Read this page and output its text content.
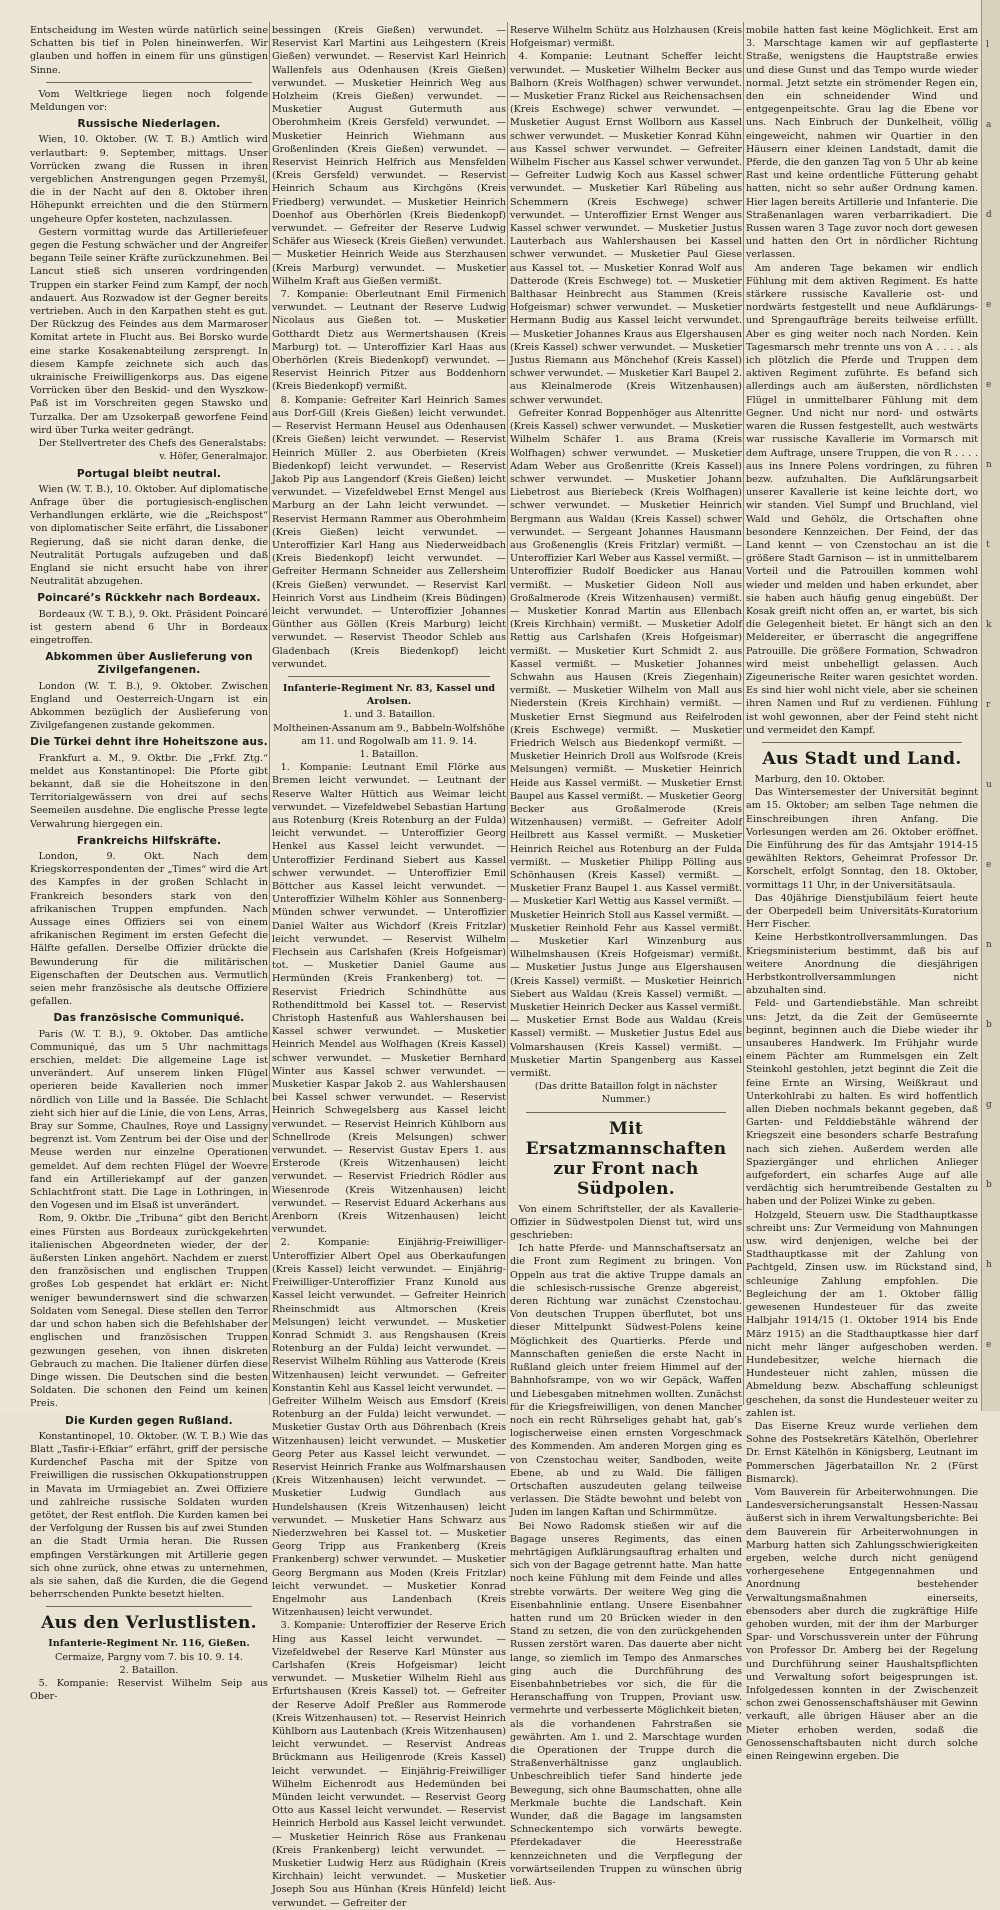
Entscheidung im Westen würde natürlich seine Schatten bis tief in Polen hineinwerfen. Wir glauben und hoffen in einem für uns günstigen Sinne.

Vom Weltkriege liegen noch folgende Meldungen vor:

Russische Niederlagen.

Wien, 10. Oktober. (W. T. B.) Amtlich wird verlautbart: 9. September, mittags. Unser Vorrücken zwang die Russen in ihren vergeblichen Anstrengungen gegen Przemyšl, die in der Nacht auf den 8. Oktober ihren Höhepunkt erreichten und die den Stürmern ungeheure Opfer kosteten, nachzulassen.

Gestern vormittag wurde das Artilleriefeuer gegen die Festung schwächer und der Angreifer begann Teile seiner Kräfte zurückzunehmen. Bei Lancut stieß sich unseren vordringenden Truppen ein starker Feind zum Kampf, der noch andauert. Aus Rozwadow ist der Gegner bereits vertrieben. Auch in den Karpathen steht es gut. Der Rückzug des Feindes aus dem Marmaroser Komitat artete in Flucht aus. Bei Borsko wurde eine starke Kosakenabteilung zersprengt. In diesem Kampfe zeichnete sich auch das ukrainische Freiwilligenkorps aus. Das eigene Vorrücken über den Beskid- und den Wyszkow-Paß ist im Vorschreiten gegen Stawsko und Turzalka. Der am Uzsokerpaß geworfene Feind wird über Turka weiter gedrängt.

Der Stellvertreter des Chefs des Generalstabs:

v. Höfer, Generalmajor.

Portugal bleibt neutral.

Wien (W. T. B.), 10. Oktober. Auf diplomatische Anfrage über die portugiesisch-englischen Verhandlungen erklärte, wie die „Reichspost“ von diplomatischer Seite erfährt, die Lissaboner Regierung, daß sie nicht daran denke, die Neutralität Portugals aufzugeben und daß England sie nicht ersucht habe von ihrer Neutralität abzugehen.

Poincaré’s Rückkehr nach Bordeaux.

Bordeaux (W. T. B.), 9. Okt. Präsident Poincaré ist gestern abend 6 Uhr in Bordeaux eingetroffen.

Abkommen über Auslieferung von Zivilgefangenen.

London (W. T. B.), 9. Oktober. Zwischen England und Oesterreich-Ungarn ist ein Abkommen bezüglich der Auslieferung von Zivilgefangenen zustande gekommen.

Die Türkei dehnt ihre Hoheitszone aus.

Frankfurt a. M., 9. Oktbr. Die „Frkf. Ztg.“ meldet aus Konstantinopel: Die Pforte gibt bekannt, daß sie die Hoheitszone in den Territorialgewässern von drei auf sechs Seemeilen ausdehne. Die englische Presse legte Verwahrung hiergegen ein.

Frankreichs Hilfskräfte.

London, 9. Okt. Nach dem Kriegskorrespondenten der „Times“ wird die Art des Kampfes in der großen Schlacht in Frankreich besonders stark von den afrikanischen Truppen empfunden. Nach Aussage eines Offiziers sei von einem afrikanischen Regiment im ersten Gefecht die Hälfte gefallen. Derselbe Offizier drückte die Bewunderung für die militärischen Eigenschaften der Deutschen aus. Vermutlich seien mehr französische als deutsche Offiziere gefallen.

Das französische Communiqué.

Paris (W. T. B.), 9. Oktober. Das amtliche Communiqué, das um 5 Uhr nachmittags erschien, meldet: Die allgemeine Lage ist unverändert. Auf unserem linken Flügel operieren beide Kavallerien noch immer nördlich von Lille und la Bassée. Die Schlacht zieht sich hier auf die Linie, die von Lens, Arras, Bray sur Somme, Chaulnes, Roye und Lassigny begrenzt ist. Vom Zentrum bei der Oise und der Meuse werden nur einzelne Operationen gemeldet. Auf dem rechten Flügel der Woevre fand ein Artilleriekampf auf der ganzen Schlachtfront statt. Die Lage in Lothringen, in den Vogesen und im Elsaß ist unverändert.

Rom, 9. Oktbr. Die „Tribuna“ gibt den Bericht eines Fürsten aus Bordeaux zurückgekehrten italienischen Abgeordneten wieder, der der äußersten Linken angehört. Nachdem er zuerst den französischen und englischen Truppen großes Lob gespendet hat erklärt er: Nicht weniger bewundernswert sind die schwarzen Soldaten vom Senegal. Diese stellen den Terror dar und schon haben sich die Befehlshaber der englischen und französischen Truppen gezwungen gesehen, von ihnen diskreten Gebrauch zu machen. Die Italiener dürfen diese Dinge wissen. Die Deutschen sind die besten Soldaten. Die schonen den Feind um keinen Preis.

Die Kurden gegen Rußland.

Konstantinopel, 10. Oktober. (W. T. B.) Wie das Blatt „Tasfir-i-Efkiar“ erfährt, griff der persische Kurdenchef Pascha mit der Spitze von Freiwilligen die russischen Okkupationstruppen in Mavata im Urmiagebiet an. Zwei Offiziere und zahlreiche russische Soldaten wurden getötet, der Rest entfloh. Die Kurden kamen bei der Verfolgung der Russen bis auf zwei Stunden an die Stadt Urmia heran. Die Russen empfingen Verstärkungen mit Artillerie gegen sich ohne zurück, ohne etwas zu unternehmen, als sie sahen, daß die Kurden, die die Gegend beherrschenden Punkte besetzt hielten.

Aus den Verlustlisten.

Infanterie-Regiment Nr. 116, Gießen.

Cermaize, Pargny vom 7. bis 10. 9. 14.

2. Bataillon.

5. Kompanie: Reservist Wilhelm Seip aus Ober-

bessingen (Kreis Gießen) verwundet. — Reservist Karl Martini aus Leihgestern (Kreis Gießen) verwundet. — Reservist Karl Heinrich Wallenfels aus Odenhausen (Kreis Gießen) verwundet. — Musketier Heinrich Weg aus Holzheim (Kreis Gießen) verwundet. — Musketier August Gutermuth aus Oberohmheim (Kreis Gersfeld) verwundet. — Musketier Heinrich Wiehmann aus Großenlinden (Kreis Gießen) verwundet. — Reservist Heinrich Helfrich aus Mensfelden (Kreis Gersfeld) verwundet. — Reservist Heinrich Schaum aus Kirchgöns (Kreis Friedberg) verwundet. — Musketier Heinrich Doenhof aus Oberhörlen (Kreis Biedenkopf) verwundet. — Gefreiter der Reserve Ludwig Schäfer aus Wieseck (Kreis Gießen) verwundet. — Musketier Heinrich Weide aus Sterzhausen (Kreis Marburg) verwundet. — Musketier Wilhelm Kraft aus Gießen vermißt.

7. Kompanie: Oberleutnant Emil Firmenich verwundet. — Leutnant der Reserve Ludwig Nicolaus aus Gießen tot. — Musketier Gotthardt Dietz aus Wermertshausen (Kreis Marburg) tot. — Unteroffizier Karl Haas aus Oberhörlen (Kreis Biedenkopf) verwundet. — Reservist Heinrich Pitzer aus Boddenhorn (Kreis Biedenkopf) vermißt.

8. Kompanie: Gefreiter Karl Heinrich Sames aus Dorf-Gill (Kreis Gießen) leicht verwundet. — Reservist Hermann Heusel aus Odenhausen (Kreis Gießen) leicht verwundet. — Reservist Heinrich Müller 2. aus Oberbieten (Kreis Biedenkopf) leicht verwundet. — Reservist Jakob Pip aus Langendorf (Kreis Gießen) leicht verwundet. — Vizefeldwebel Ernst Mengel aus Marburg an der Lahn leicht verwundet. — Reservist Hermann Rammer aus Oberohmheim (Kreis Gießen) leicht verwundet. — Unteroffizier Karl Hang aus Niederweidbach (Kreis Biedenkopf) leicht verwundet. — Gefreiter Hermann Schneider aus Zellersheim (Kreis Gießen) verwundet. — Reservist Karl Heinrich Vorst aus Lindheim (Kreis Büdingen) leicht verwundet. — Unteroffizier Johannes Günther aus Göllen (Kreis Marburg) leicht verwundet. — Reservist Theodor Schleb aus Gladenbach (Kreis Biedenkopf) leicht verwundet.

Infanterie-Regiment Nr. 83, Kassel und Arolsen.

1. und 3. Bataillon.

Moltheinen-Assanum am 9., Babbeln-Wolfshöhe am 11. und Rogolwalb am 11. 9. 14.

1. Bataillon.

1. Kompanie: Leutnant Emil Flörke aus Bremen leicht verwundet. — Leutnant der Reserve Walter Hüttich aus Weimar leicht verwundet. — Vizefeldwebel Sebastian Hartung aus Rotenburg (Kreis Rotenburg an der Fulda) leicht verwundet. — Unteroffizier Georg Henkel aus Kassel leicht verwundet. — Unteroffizier Ferdinand Siebert aus Kassel schwer verwundet. — Unteroffizier Emil Böttcher aus Kassel leicht verwundet. — Unteroffizier Wilhelm Köhler aus Sonnenberg-Münden schwer verwundet. — Unteroffizier Daniel Walter aus Wichdorf (Kreis Fritzlar) leicht verwundet. — Reservist Wilhelm Flechsein aus Carlshafen (Kreis Hofgeismar) tot. — Musketier Daniel Gaume aus Hermünden (Kreis Frankenberg) tot. — Reservist Friedrich Schindhütte aus Rothendittmold bei Kassel tot. — Reservist Christoph Hastenfuß aus Wahlershausen bei Kassel schwer verwundet. — Musketier Heinrich Mendel aus Wolfhagen (Kreis Kassel) schwer verwundet. — Musketier Bernhard Winter aus Kassel schwer verwundet. — Musketier Kaspar Jakob 2. aus Wahlershausen bei Kassel schwer verwundet. — Reservist Heinrich Schwegelsberg aus Kassel leicht verwundet. — Reservist Heinrich Kühlborn aus Schnellrode (Kreis Melsungen) schwer verwundet. — Reservist Gustav Epers 1. aus Ersterode (Kreis Witzenhausen) leicht verwundet. — Reservist Friedrich Rödler aus Wiesenrode (Kreis Witzenhausen) leicht verwundet. — Reservist Eduard Ackerhans aus Arenborn (Kreis Witzenhausen) leicht verwundet.

2. Kompanie: Einjährig-Freiwilliger-Unteroffizier Albert Opel aus Oberkaufungen (Kreis Kassel) leicht verwundet. — Einjährig-Freiwilliger-Unteroffizier Franz Kunold aus Kassel leicht verwundet. — Gefreiter Heinrich Rheinschmidt aus Altmorschen (Kreis Melsungen) leicht verwundet. — Musketier Konrad Schmidt 3. aus Rengshausen (Kreis Rotenburg an der Fulda) leicht verwundet. — Reservist Wilhelm Rühling aus Vatterode (Kreis Witzenhausen) leicht verwundet. — Gefreiter Konstantin Kehl aus Kassel leicht verwundet. — Gefreiter Wilhelm Weisch aus Emsdorf (Kreis Rotenburg an der Fulda) leicht verwundet. — Musketier Gustav Orth aus Döhrenbach (Kreis Witzenhausen) leicht verwundet. — Musketier Georg Peter aus Kassel leicht verwundet. — Reservist Heinrich Franke aus Wolfmarshausen (Kreis Witzenhausen) leicht verwundet. — Musketier Ludwig Gundlach aus Hundelshausen (Kreis Witzenhausen) leicht verwundet. — Musketier Hans Schwarz aus Niederzwehren bei Kassel tot. — Musketier Georg Tripp aus Frankenberg (Kreis Frankenberg) schwer verwundet. — Musketier Georg Bergmann aus Moden (Kreis Fritzlar) leicht verwundet. — Musketier Konrad Engelmohr aus Landenbach (Kreis Witzenhausen) leicht verwundet.

3. Kompanie: Unteroffizier der Reserve Erich Hing aus Kassel leicht verwundet. — Vizefeldwebel der Reserve Karl Münster aus Carlshafen (Kreis Hofgeismar) leicht verwundet. — Musketier Wilhelm Riehl aus Erfurtshausen (Kreis Kassel) tot. — Gefreiter der Reserve Adolf Preßler aus Rommerode (Kreis Witzenhausen) tot. — Reservist Heinrich Kühlborn aus Lautenbach (Kreis Witzenhausen) leicht verwundet. — Reservist Andreas Brückmann aus Heiligenrode (Kreis Kassel) leicht verwundet. — Einjährig-Freiwilliger Wilhelm Eichenrodt aus Hedemünden bei Münden leicht verwundet. — Reservist Georg Otto aus Kassel leicht verwundet. — Reservist Heinrich Herbold aus Kassel leicht verwundet. — Musketier Heinrich Röse aus Frankenau (Kreis Frankenberg) leicht verwundet. — Musketier Ludwig Herz aus Rüdighain (Kreis Kirchhain) leicht verwundet. — Musketier Joseph Sou aus Hünhan (Kreis Hünfeld) leicht verwundet. — Gefreiter der

Reserve Wilhelm Schütz aus Holzhausen (Kreis Hofgeismar) vermißt.

4. Kompanie: Leutnant Scheffer leicht verwundet. — Musketier Wilhelm Becker aus Balhorn (Kreis Wolfhagen) schwer verwundet. — Musketier Franz Rickel aus Reichensachsen (Kreis Eschwege) schwer verwundet. — Musketier August Ernst Wollborn aus Kassel schwer verwundet. — Musketier Konrad Kühn aus Kassel schwer verwundet. — Gefreiter Wilhelm Fischer aus Kassel schwer verwundet. — Gefreiter Ludwig Koch aus Kassel schwer verwundet. — Musketier Karl Rübeling aus Schemmern (Kreis Eschwege) schwer verwundet. — Unteroffizier Ernst Wenger aus Kassel schwer verwundet. — Musketier Justus Lauterbach aus Wahlershausen bei Kassel schwer verwundet. — Musketier Paul Giese aus Kassel tot. — Musketier Konrad Wolf aus Datterode (Kreis Eschwege) tot. — Musketier Balthasar Heinbrecht aus Stammen (Kreis Hofgeismar) schwer verwundet. — Musketier Hermann Budig aus Kassel leicht verwundet. — Musketier Johannes Kraus aus Elgershausen (Kreis Kassel) schwer verwundet. — Musketier Justus Riemann aus Mönchehof (Kreis Kassel) schwer verwundet. — Musketier Karl Baupel 2. aus Kleinalmerode (Kreis Witzenhausen) schwer verwundet.

Gefreiter Konrad Boppenhöger aus Altenritte (Kreis Kassel) schwer verwundet. — Musketier Wilhelm Schäfer 1. aus Brama (Kreis Wolfhagen) schwer verwundet. — Musketier Adam Weber aus Großenritte (Kreis Kassel) schwer verwundet. — Musketier Johann Liebetrost aus Bieriebeck (Kreis Wolfhagen) schwer verwundet. — Musketier Heinrich Bergmann aus Waldau (Kreis Kassel) schwer verwundet. — Sergeant Johannes Hausmann aus Großenenglis (Kreis Fritzlar) vermißt. — Unteroffizier Karl Weber aus Kassel vermißt. — Unteroffizier Rudolf Boedicker aus Hanau vermißt. — Musketier Gideon Noll aus Großalmerode (Kreis Witzenhausen) vermißt. — Musketier Konrad Martin aus Ellenbach (Kreis Kirchhain) vermißt. — Musketier Adolf Rettig aus Carlshafen (Kreis Hofgeismar) vermißt. — Musketier Kurt Schmidt 2. aus Kassel vermißt. — Musketier Johannes Schwahn aus Hausen (Kreis Ziegenhain) vermißt. — Musketier Wilhelm von Mall aus Niederstein (Kreis Kirchhain) vermißt. — Musketier Ernst Siegmund aus Reifelroden (Kreis Eschwege) vermißt. — Musketier Friedrich Welsch aus Biedenkopf vermißt. — Musketier Heinrich Droll aus Wolfsrode (Kreis Melsungen) vermißt. — Musketier Heinrich Heide aus Kassel vermißt. — Musketier Ernst Baupel aus Kassel vermißt. — Musketier Georg Becker aus Großalmerode (Kreis Witzenhausen) vermißt. — Gefreiter Adolf Heilbrett aus Kassel vermißt. — Musketier Heinrich Reichel aus Rotenburg an der Fulda vermißt. — Musketier Philipp Pölling aus Schönhausen (Kreis Kassel) vermißt. — Musketier Franz Baupel 1. aus Kassel vermißt. — Musketier Karl Wettig aus Kassel vermißt. — Musketier Heinrich Stoll aus Kassel vermißt. — Musketier Reinhold Fehr aus Kassel vermißt. — Musketier Karl Winzenburg aus Wilhelmshausen (Kreis Hofgeismar) vermißt. — Musketier Justus Junge aus Elgershausen (Kreis Kassel) vermißt. — Musketier Heinrich Siebert aus Waldau (Kreis Kassel) vermißt. — Musketier Heinrich Decker aus Kassel vermißt. — Musketier Ernst Bode aus Waldau (Kreis Kassel) vermißt. — Musketier Justus Edel aus Volmarshausen (Kreis Kassel) vermißt. — Musketier Martin Spangenberg aus Kassel vermißt.

(Das dritte Bataillon folgt in nächster Nummer.)

Mit Ersatzmannschaften zur Front nach Südpolen.

Von einem Schriftsteller, der als Kavallerie-Offizier in Südwestpolen Dienst tut, wird uns geschrieben:

Ich hatte Pferde- und Mannschaftsersatz an die Front zum Regiment zu bringen. Von Oppeln aus trat die aktive Truppe damals an die schlesisch-russische Grenze abgereist, deren Richtung war zunächst Czenstochau. Von deutschen Truppen überflutet, bot uns dieser Mittelpunkt Südwest-Polens keine Möglichkeit des Quartierks. Pferde und Mannschaften genießen die erste Nacht in Rußland gleich unter freiem Himmel auf der Bahnhofsrampe, von wo wir Gepäck, Waffen und Liebesgaben mitnehmen wollten. Zunächst für die Kriegsfreiwilligen, von denen Mancher noch ein recht Rührseliges gehabt hat, gab’s logischerweise einen ernsten Vorgeschmack des Kommenden. Am anderen Morgen ging es von Czenstochau weiter, Sandboden, weite Ebene, ab und zu Wald. Die fälligen Ortschaften auszudeuten gelang teilweise verlassen. Die Städte bewohnt und belebt von Juden im langen Kaftan und Schirmmütze.

Bei Nowo Radomsk stießen wir auf die Bagage unseres Regiments, das einen mehrtägigen Aufklärungsauftrag erhalten und sich von der Bagage getrennt hatte. Man hatte noch keine Fühlung mit dem Feinde und alles strebte vorwärts. Der weitere Weg ging die Eisenbahnlinie entlang. Unsere Eisenbahner hatten rund um 20 Brücken wieder in den Stand zu setzen, die von den zurückgehenden Russen zerstört waren. Das dauerte aber nicht lange, so ziemlich im Tempo des Anmarsches ging auch die Durchführung des Eisenbahnbetriebes vor sich, die für die Heranschaffung von Truppen, Proviant usw. vermehrte und verbesserte Möglichkeit bieten, als die vorhandenen Fahrstraßen sie gewährten. Am 1. und 2. Marschtage wurden die Operationen der Truppe durch die Straßenverhältnisse ganz unglaublich. Unbeschreiblich tiefer Sand hinderte jede Bewegung, sich ohne Baumschatten, ohne alle Merkmale buchte die Landschaft. Kein Wunder, daß die Bagage im langsamsten Schneckentempo sich vorwärts bewegte. Pferdekadaver die Heeresstraße kennzeichneten und die Verpflegung der vorwärtseilenden Truppen zu wünschen übrig ließ. Aus-

mobile hatten fast keine Möglichkeit. Erst am 3. Marschtage kamen wir auf gepflasterte Straße, wenigstens die Hauptstraße erwies und diese Gunst und das Tempo wurde wieder normal. Jetzt setzte ein strömender Regen ein, den ein schneidender Wind und entgegenpeitschte. Grau lag die Ebene vor uns. Nach Einbruch der Dunkelheit, völlig eingeweicht, nahmen wir Quartier in den Häusern einer kleinen Landstadt, damit die Pferde, die den ganzen Tag von 5 Uhr ab keine Rast und keine ordentliche Fütterung gehabt hatten, nicht so sehr außer Ordnung kamen. Hier lagen bereits Artillerie und Infanterie. Die Straßenanlagen waren verbarrikadiert. Die Russen waren 3 Tage zuvor noch dort gewesen und hatten den Ort in nördlicher Richtung verlassen.

Am anderen Tage bekamen wir endlich Fühlung mit dem aktiven Regiment. Es hatte stärkere russische Kavallerie ost- und nordwärts festgestellt und neue Aufklärungs- und Sprengaufträge bereits teilweise erfüllt. Aber es ging weiter noch nach Norden. Kein Tagesmarsch mehr trennte uns von A . . . . als ich plötzlich die Pferde und Truppen dem aktiven Regiment zuführte. Es befand sich allerdings auch am äußersten, nördlichsten Flügel in unmittelbarer Fühlung mit dem Gegner. Und nicht nur nord- und ostwärts waren die Russen festgestellt, auch westwärts war russische Kavallerie im Vormarsch mit dem Auftrage, unsere Truppen, die von R . . . . aus ins Innere Polens vordringen, zu führen bezw. aufzuhalten. Die Aufklärungsarbeit unserer Kavallerie ist keine leichte dort, wo wir standen. Viel Sumpf und Bruchland, viel Wald und Gehölz, die Ortschaften ohne besondere Kennzeichen. Der Feind, der das Land kennt — von Czenstochau an ist die größere Stadt Garnison — ist in unmittelbarem Vorteil und die Patrouillen kommen wohl wieder und melden und haben erkundet, aber sie haben auch häufig genug eingebüßt. Der Kosak greift nicht offen an, er wartet, bis sich die Gelegenheit bietet. Er hängt sich an den Meldereiter, er überrascht die angegriffene Patrouille. Die größere Formation, Schwadron wird meist unbehelligt gelassen. Auch Zigeunerische Reiter waren gesichtet worden. Es sind hier wohl nicht viele, aber sie scheinen ihren Namen und Ruf zu verdienen. Fühlung ist wohl gewonnen, aber der Feind steht nicht und vermeidet den Kampf.

Aus Stadt und Land.

Marburg, den 10. Oktober.

Das Wintersemester der Universität beginnt am 15. Oktober; am selben Tage nehmen die Einschreibungen ihren Anfang. Die Vorlesungen werden am 26. Oktober eröffnet. Die Einführung des für das Amtsjahr 1914-15 gewählten Rektors, Geheimrat Professor Dr. Korschelt, erfolgt Sonntag, den 18. Oktober, vormittags 11 Uhr, in der Universitätsaula.

Das 40jährige Dienstjubiläum feiert heute der Oberpedell beim Universitäts-Kuratorium Herr Fischer.

Keine Herbstkontrollversammlungen. Das Kriegsministerium bestimmt, daß bis auf weitere Anordnung die diesjährigen Herbstkontrollversammlungen nicht abzuhalten sind.

Feld- und Gartendiebstähle. Man schreibt uns: Jetzt, da die Zeit der Gemüseernte beginnt, beginnen auch die Diebe wieder ihr unsauberes Handwerk. Im Frühjahr wurde einem Pächter am Rummelsgen ein Zelt Steinkohl gestohlen, jetzt beginnt die Zeit die feine Ernte an Wirsing, Weißkraut und Unterkohlrabi zu halten. Es wird hoffentlich allen Dieben nochmals bekannt gegeben, daß Garten- und Felddiebstähle während der Kriegszeit eine besonders scharfe Bestrafung nach sich ziehen. Außerdem werden alle Spaziergänger und ehrlichen Anlieger aufgefordert, ein scharfes Auge auf alle verdächtig sich herumtreibende Gestalten zu haben und der Polizei Winke zu geben.

Holzgeld, Steuern usw. Die Stadthauptkasse schreibt uns: Zur Vermeidung von Mahnungen usw. wird denjenigen, welche bei der Stadthauptkasse mit der Zahlung von Pachtgeld, Zinsen usw. im Rückstand sind, schleunige Zahlung empfohlen. Die Begleichung der am 1. Oktober fällig gewesenen Hundesteuer für das zweite Halbjahr 1914/15 (1. Oktober 1914 bis Ende März 1915) an die Stadthauptkasse hier darf nicht mehr länger aufgeschoben werden. Hundebesitzer, welche hiernach die Hundesteuer nicht zahlen, müssen die Abmeldung bezw. Abschaffung schleunigst geschehen, da sonst die Hundesteuer weiter zu zahlen ist.

Das Eiserne Kreuz wurde verliehen dem Sohne des Postsekretärs Kätelhön, Oberlehrer Dr. Ernst Kätelhön in Königsberg, Leutnant im Pommerschen Jägerbataillon Nr. 2 (Fürst Bismarck).

Vom Bauverein für Arbeiterwohnungen. Die Landesversicherungsanstalt Hessen-Nassau äußerst sich in ihrem Verwaltungsberichte: Bei dem Bauverein für Arbeiterwohnungen in Marburg hatten sich Zahlungsschwierigkeiten ergeben, welche durch nicht genügend vorhergesehene Entgegennahmen und Anordnung bestehender Verwaltungsmaßnahmen einerseits, ebensoders aber durch die zugkräftige Hilfe gehoben wurden, mit der ihm der Marburger Spar- und Vorschussverein unter der Führung von Professor Dr. Amberg bei der Regelung und Durchführung seiner Haushaltspflichten und Verwaltung sofort beigesprungen ist. Infolgedessen konnten in der Zwischenzeit schon zwei Genossenschaftshäuser mit Gewinn verkauft, alle übrigen Häuser aber an die Mieter erhoben werden, sodaß die Genossenschaftsbauten nicht durch solche einen Reingewinn ergeben. Die

l
a
d
e
e
n
t
k
r
u
e
n
b
g
b
h
e
